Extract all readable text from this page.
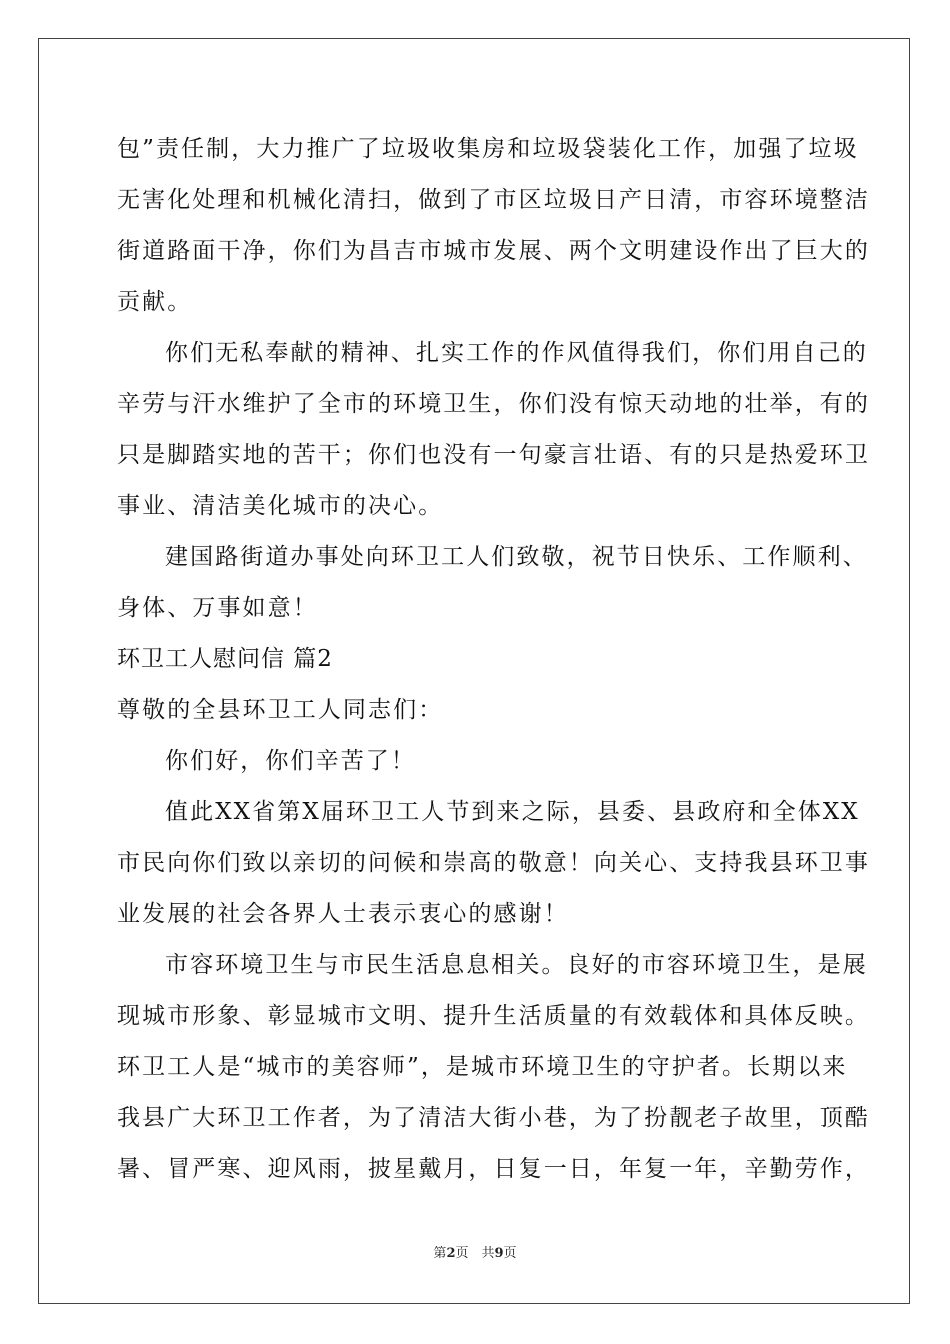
包”责任制，大力推广了垃圾收集房和垃圾袋装化工作，加强了垃圾
无害化处理和机械化清扫，做到了市区垃圾日产日清，市容环境整洁
街道路面干净，你们为昌吉市城市发展、两个文明建设作出了巨大的
贡献。
你们无私奉献的精神、扎实工作的作风值得我们，你们用自己的
辛劳与汗水维护了全市的环境卫生，你们没有惊天动地的壮举，有的
只是脚踏实地的苦干；你们也没有一句豪言壮语、有的只是热爱环卫
事业、清洁美化城市的决心。
建国路街道办事处向环卫工人们致敬，祝节日快乐、工作顺利、
身体、万事如意！
环卫工人慰问信 篇2
尊敬的全县环卫工人同志们：
你们好，你们辛苦了！
值此XX省第X届环卫工人节到来之际，县委、县政府和全体XX
市民向你们致以亲切的问候和崇高的敬意！向关心、支持我县环卫事
业发展的社会各界人士表示衷心的感谢！
市容环境卫生与市民生活息息相关。良好的市容环境卫生，是展
现城市形象、彰显城市文明、提升生活质量的有效载体和具体反映。
环卫工人是“城市的美容师”，是城市环境卫生的守护者。长期以来
我县广大环卫工作者，为了清洁大街小巷，为了扮靓老子故里，顶酷
暑、冒严寒、迎风雨，披星戴月，日复一日，年复一年，辛勤劳作，
第2页　共9页
